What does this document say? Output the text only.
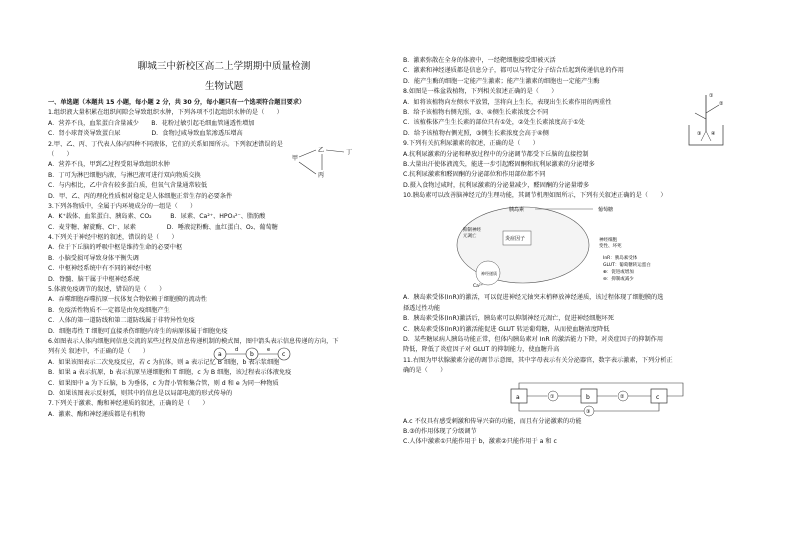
聊城三中新校区高二上学期期中质量检测
生物试题
一、单选题（本题共 15 小题，每小题 2 分，共 30 分，每小题只有一个选项符合题目要求）
1.组织液大量积累在组织间隙会导致组织水肿，下列各项不引起组织水肿的是（　　）
A．营养不良，血浆蛋白含量减少　　B．花粉过敏引起毛细血管通透性增加
C．肾小球肾炎导致蛋白尿　　　　　D．食物过咸导致血浆渗透压增高
2.甲、乙、丙、丁代表人体内四种不同液体，它们的关系如图所示。下列叙述错误的是
（　　）
甲
乙	丁
丙
A．营养不良，甲到乙过程受阻导致组织水肿
B．丁可为淋巴细胞内液，与淋巴液可进行双向物质交换
C．与内相比，乙中含有较多蛋白质，但氧气含量通常较低
D．甲、乙、丙的理化性质相对稳定是人体细胞正常生存的必要条件
3.下列各物质中，全属于内环境成分的一组是（　　）
A．K⁺载体、血浆蛋白、胰岛素、CO₂　　　B．尿素、Ca²⁺、HPO₄²⁻、脂肪酸
C．麦芽糖、解旋酶、Cl⁻、尿素　　　　　D．唾液淀粉酶、血红蛋白、O₂、葡萄糖
4.下列关于神经中枢的叙述，错误的是（　　）
A．位于下丘脑的呼吸中枢是维持生命的必要中枢
B．小脑受损可导致身体平衡失调
C．中枢神经系统中有不同的神经中枢
D．脊髓、脑干属于中枢神经系统
5.体液免疫调节的叙述，错误的是（　　）
A．吞噬细胞吞噬抗原一抗体复合物依赖于细胞膜的流动性
B．免疫活性物质不一定都是由免疫细胞产生
C．人体的第一道防线和第二道防线属于非特异性免疫
D．细胞毒性 T 细胞可直接杀伤细胞内寄生的病原体属于细胞免疫
6.如图表示人体内细胞间信息交流的某些过程及信息传递机制的模式图，图中箭头表示信息传递的方向，下
列有关 叙述中，不正确的是（　　）	a	b	c
d	e
A．如果该图表示二次免疫反应，若 c 为抗体，则 a 表示记忆 B 细胞，b 表示浆细胞
B．如果 a 表示抗原，b 表示抗原呈递细胞和 T 细胞，c 为 B 细胞，该过程表示体液免疫
C．如果图中 a 为下丘脑，b 为垂体，c 为肾小管和集合管，则 d 和 e 为同一种物质
D．如果该图表示反射弧，则其中的信息是以局部电流的形式传导的
7.下列关于激素、酶和神经递质的叙述，正确的是（　　）
A．激素、酶和神经递质都是有机物
B．激素弥散在全身的体液中，一经靶细胞接受即被灭活
C．激素和神经递质都是信息分子，都可以与特定分子结合后起到传递信息的作用
D．能产生酶的细胞一定能产生激素；能产生激素的细胞也一定能产生酶
8.如图是一株盆栽植物，下列相关叙述正确的是（　　）
A．如将该植物向左侧水平放置，茎将向上生长，表现出生长素作用的两重性
B．给予该植物右侧光照，③、④侧生长素浓度会不同
C．该植株体产生生长素的部位只有①处，②处生长素浓度高于①处
D．给予该植物右侧光照，③侧生长素浓度会高于④侧
①
②
③ ④
9.下列有关抗利尿激素的叙述，正确的是（　　）
A.抗利尿激素的分泌和释放过程中的分泌调节都受下丘脑的直接控制
B.大量出汗使体液流失，能进一步引起醛固酮和抗利尿激素的分泌增多
C.抗利尿激素和醛固酮的分泌部位和作用部位都不同
D.摄入食物过咸时，抗利尿激素的分泌量减少，醛固酮的分泌量增多
10.胰岛素可以改善脑神经元的生理功能，其调节机理如图所示，下列有关叙述正确的是（　　）
炎症因子
Ca²⁺
神经递质
胰岛素	葡萄糖
抑制神经
元凋亡
神经细胞
变性、坏死
InR：胰岛素受体
GLUT：葡萄糖转运蛋白
⊕：促进或增加
⊖：抑制或减少
A．胰岛素受体(InR)的激活，可以促进神经元轴突末梢释放神经递质，该过程体现了细胞膜的选
择透过性功能
B．胰岛素受体(InR)激活后，胰岛素可以抑制神经元凋亡，促进神经细胞坏死
C．胰岛素受体(InR)的激活能促进 GLUT 转运葡萄糖，从而使血糖浓度降低
D．某些糖尿病人胰岛功能正常，但体内胰岛素对 InR 的激活能力下降，对炎症因子的抑制作用
降低，降低了炎症因子对 GLUT 的抑制能力，使血糖升高
11.右图为甲状腺激素分泌的调节示意图，其中字母表示有关分泌器官，数字表示激素，下列分析正
确的是（　　）
a	b	c
①	②
③
A.c 不仅具有感受刺激和传导兴奋的功能，而且有分泌激素的功能
B.③的作用体现了分级调节
C.人体中激素①只能作用于 b，激素②只能作用于 a 和 c
